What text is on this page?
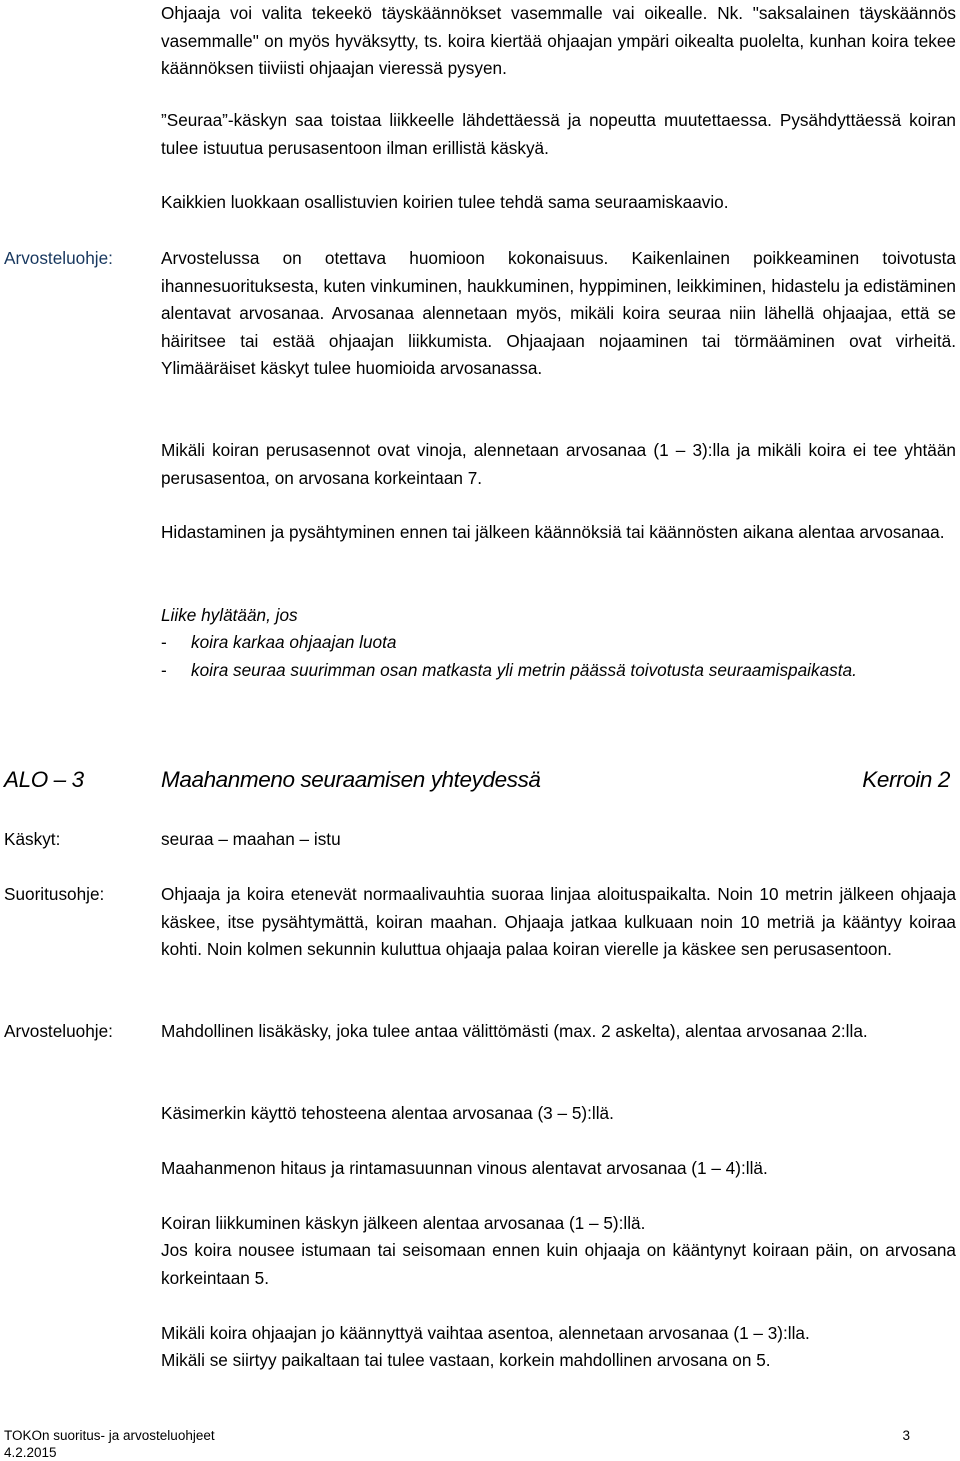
Ohjaaja voi valita tekeekö täyskäännökset vasemmalle vai oikealle. Nk. "saksalainen täyskäännös vasemmalle" on myös hyväksytty, ts. koira kiertää ohjaajan ympäri oikealta puolelta, kunhan koira tekee käännöksen tiiviisti ohjaajan vieressä pysyen.

”Seuraa”-käskyn saa toistaa liikkeelle lähdettäessä ja nopeutta muutettaessa. Pysähdyttäessä koiran tulee istuutua perusasentoon ilman erillistä käskyä.

Kaikkien luokkaan osallistuvien koirien tulee tehdä sama seuraamiskaavio.

Arvosteluohje:	Arvostelussa on otettava huomioon kokonaisuus. Kaikenlainen poikkeaminen toivotusta ihannesuorituksesta, kuten vinkuminen, haukkuminen, hyppiminen, leikkiminen, hidastelu ja edistäminen alentavat arvosanaa. Arvosanaa alennetaan myös, mikäli koira seuraa niin lähellä ohjaajaa, että se häiritsee tai estää ohjaajan liikkumista. Ohjaajaan nojaaminen tai törmääminen ovat virheitä. Ylimääräiset käskyt tulee huomioida arvosanassa.

Mikäli koiran perusasennot ovat vinoja, alennetaan arvosanaa (1 – 3):lla ja mikäli koira ei tee yhtään perusasentoa, on arvosana korkeintaan 7.

Hidastaminen ja pysähtyminen ennen tai jälkeen käännöksiä tai käännösten aikana alentaa arvosanaa.

Liike hylätään, jos

- koira karkaa ohjaajan luota
- koira seuraa suurimman osan matkasta yli metrin päässä toivotusta seuraamispaikasta.
ALO – 3	Maahanmeno seuraamisen yhteydessä	Kerroin 2
Käskyt:	seuraa – maahan – istu

Suoritusohje:	Ohjaaja ja koira etenevät normaalivauhtia suoraa linjaa aloituspaikalta. Noin 10 metrin jälkeen ohjaaja käskee, itse pysähtymättä, koiran maahan. Ohjaaja jatkaa kulkuaan noin 10 metriä ja kääntyy koiraa kohti. Noin kolmen sekunnin kuluttua ohjaaja palaa koiran vierelle ja käskee sen perusasentoon.

Arvosteluohje:	Mahdollinen lisäkäsky, joka tulee antaa välittömästi (max. 2 askelta), alentaa arvosanaa 2:lla.

Käsimerkin käyttö tehosteena alentaa arvosanaa (3 – 5):llä.

Maahanmenon hitaus ja rintamasuunnan vinous alentavat arvosanaa (1 – 4):llä.

Koiran liikkuminen käskyn jälkeen alentaa arvosanaa (1 – 5):llä.

Jos koira nousee istumaan tai seisomaan ennen kuin ohjaaja on kääntynyt koiraan päin, on arvosana korkeintaan 5.

Mikäli koira ohjaajan jo käännyttyä vaihtaa asentoa, alennetaan arvosanaa (1 – 3):lla.

Mikäli se siirtyy paikaltaan tai tulee vastaan, korkein mahdollinen arvosana on 5.

TOKOn suoritus- ja arvosteluohjeet	3
4.2.2015
